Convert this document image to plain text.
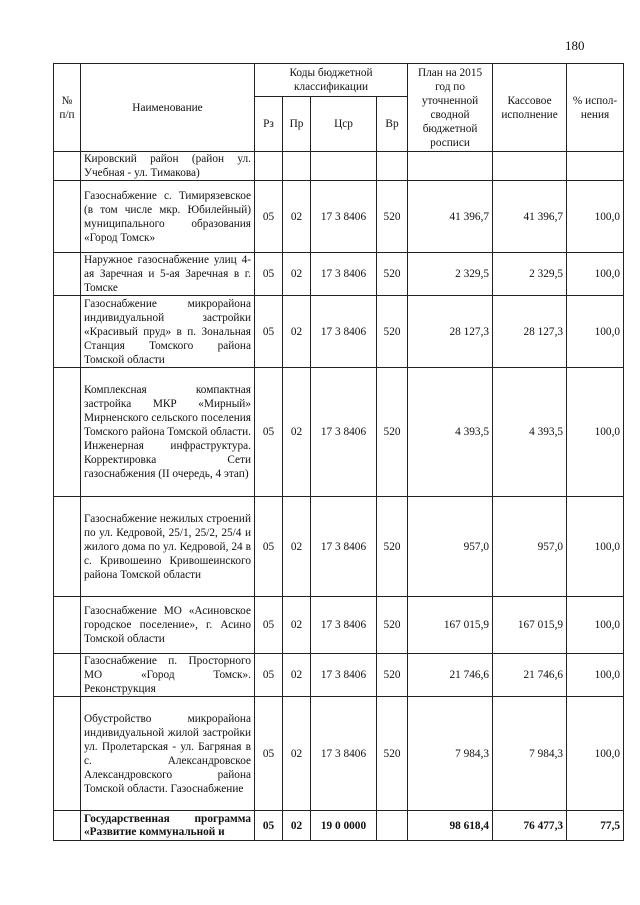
180
№ п/п	Наименование	Коды бюджетной классификации				План на 2015 год по уточненной сводной бюджетной росписи	Кассовое исполнение	% испол-нения
		Рз	Пр	Цср	Вр			
	Кировский район (район ул. Учебная - ул. Тимакова)							
	Газоснабжение с. Тимирязевское (в том числе мкр. Юбилейный) муниципального образования «Город Томск»	05	02	17 3 8406	520	41 396,7	41 396,7	100,0
	Наружное газоснабжение улиц 4-ая Заречная и 5-ая Заречная в г. Томске	05	02	17 3 8406	520	2 329,5	2 329,5	100,0
	Газоснабжение микрорайона индивидуальной застройки «Красивый пруд» в п. Зональная Станция Томского района Томской области	05	02	17 3 8406	520	28 127,3	28 127,3	100,0
	Комплексная компактная застройка МКР «Мирный» Мирненского сельского поселения Томского района Томской области. Инженерная инфраструктура. Корректировка Сети газоснабжения (II очередь, 4 этап)	05	02	17 3 8406	520	4 393,5	4 393,5	100,0
	Газоснабжение нежилых строений по ул. Кедровой, 25/1, 25/2, 25/4 и жилого дома по ул. Кедровой, 24 в с. Кривошеино Кривошеинского района Томской области	05	02	17 3 8406	520	957,0	957,0	100,0
	Газоснабжение МО «Асиновское городское поселение», г. Асино Томской области	05	02	17 3 8406	520	167 015,9	167 015,9	100,0
	Газоснабжение п. Просторного МО «Город Томск». Реконструкция	05	02	17 3 8406	520	21 746,6	21 746,6	100,0
	Обустройство микрорайона индивидуальной жилой застройки ул. Пролетарская - ул. Багряная в с. Александровское Александровского района Томской области. Газоснабжение	05	02	17 3 8406	520	7 984,3	7 984,3	100,0
	Государственная программа «Развитие коммунальной и	05	02	19 0 0000		98 618,4	76 477,3	77,5
